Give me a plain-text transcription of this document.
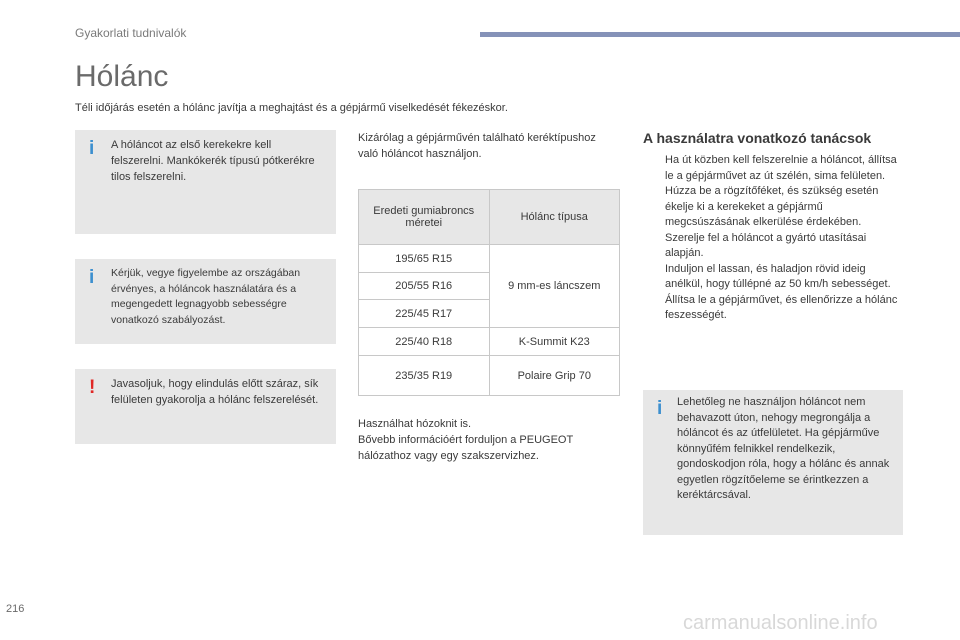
Gyakorlati tudnivalók
Hólánc
Téli időjárás esetén a hólánc javítja a meghajtást és a gépjármű viselkedését fékezéskor.
i A hóláncot az első kerekekre kell felszerelni. Mankókerék típusú pótkerékre tilos felszerelni.
i Kérjük, vegye figyelembe az országában érvényes, a hóláncok használatára és a megengedett legnagyobb sebességre vonatkozó szabályozást.
! Javasoljuk, hogy elindulás előtt száraz, sík felületen gyakorolja a hólánc felszerelését.
Kizárólag a gépjárművén található keréktípushoz való hóláncot használjon.
Eredeti gumiabroncs méretei	Hólánc típusa
195/65 R15	9 mm-es láncszem
205/55 R16	
225/45 R17	
225/40 R18	K-Summit K23
235/35 R19	Polaire Grip 70
Használhat hózoknit is.
Bővebb információért forduljon a PEUGEOT hálózathoz vagy egy szakszervizhez.
A használatra vonatkozó tanácsok
Ha út közben kell felszerelnie a hóláncot, állítsa le a gépjárművet az út szélén, sima felületen.
Húzza be a rögzítőféket, és szükség esetén ékelje ki a kerekeket a gépjármű megcsúszásának elkerülése érdekében.
Szerelje fel a hóláncot a gyártó utasításai alapján.
Induljon el lassan, és haladjon rövid ideig anélkül, hogy túllépné az 50 km/h sebességet.
Állítsa le a gépjárművet, és ellenőrizze a hólánc feszességét.
i Lehetőleg ne használjon hóláncot nem behavazott úton, nehogy megrongálja a hóláncot és az útfelületet. Ha gépjárműve könnyűfém felnikkel rendelkezik, gondoskodjon róla, hogy a hólánc és annak egyetlen rögzítőeleme se érintkezzen a keréktárcsával.
216
carmanualsonline.info
